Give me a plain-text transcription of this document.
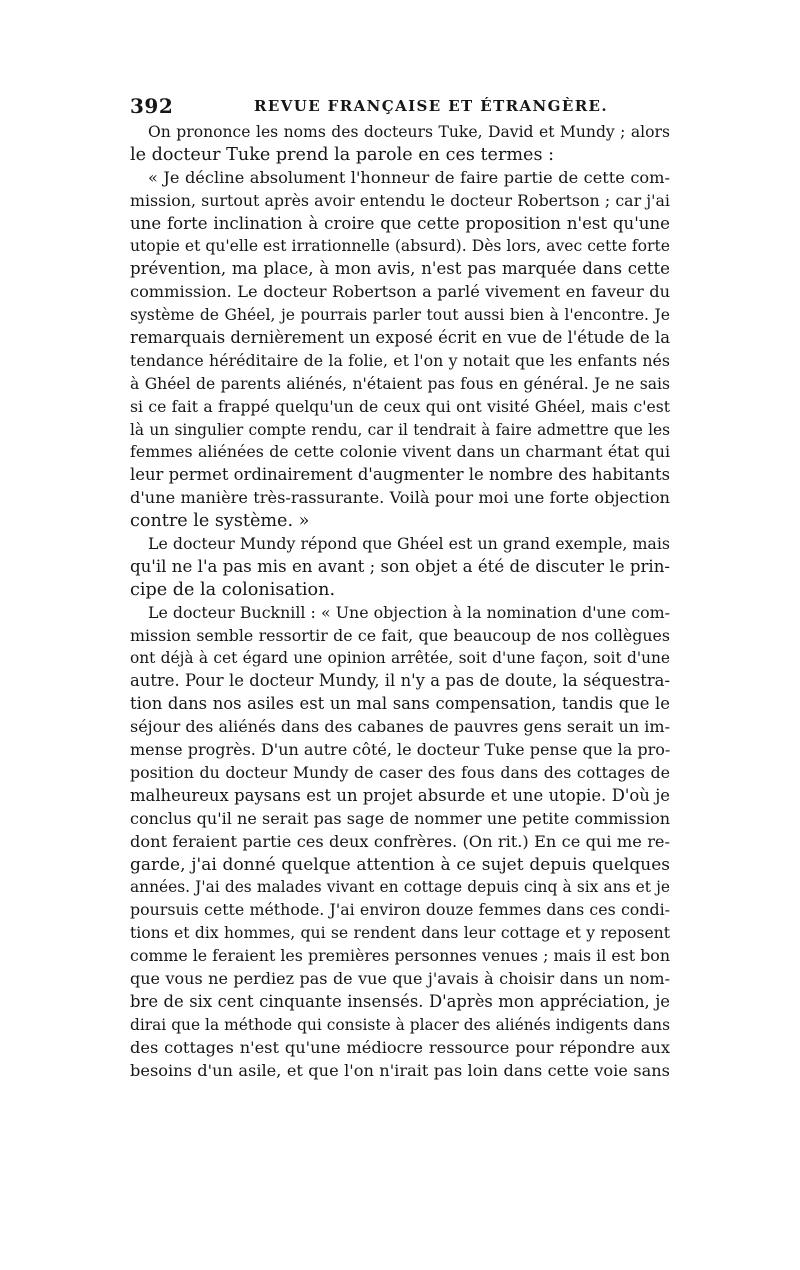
392	REVUE FRANÇAISE ET ÉTRANGÈRE.
On prononce les noms des docteurs Tuke, David et Mundy ; alors
le docteur Tuke prend la parole en ces termes :
« Je décline absolument l'honneur de faire partie de cette com-
mission, surtout après avoir entendu le docteur Robertson ; car j'ai
une forte inclination à croire que cette proposition n'est qu'une
utopie et qu'elle est irrationnelle (absurd). Dès lors, avec cette forte
prévention, ma place, à mon avis, n'est pas marquée dans cette
commission. Le docteur Robertson a parlé vivement en faveur du
système de Ghéel, je pourrais parler tout aussi bien à l'encontre. Je
remarquais dernièrement un exposé écrit en vue de l'étude de la
tendance héréditaire de la folie, et l'on y notait que les enfants nés
à Ghéel de parents aliénés, n'étaient pas fous en général. Je ne sais
si ce fait a frappé quelqu'un de ceux qui ont visité Ghéel, mais c'est
là un singulier compte rendu, car il tendrait à faire admettre que les
femmes aliénées de cette colonie vivent dans un charmant état qui
leur permet ordinairement d'augmenter le nombre des habitants
d'une manière très-rassurante. Voilà pour moi une forte objection
contre le système. »
Le docteur Mundy répond que Ghéel est un grand exemple, mais
qu'il ne l'a pas mis en avant ; son objet a été de discuter le prin-
cipe de la colonisation.
Le docteur Bucknill : « Une objection à la nomination d'une com-
mission semble ressortir de ce fait, que beaucoup de nos collègues
ont déjà à cet égard une opinion arrêtée, soit d'une façon, soit d'une
autre. Pour le docteur Mundy, il n'y a pas de doute, la séquestra-
tion dans nos asiles est un mal sans compensation, tandis que le
séjour des aliénés dans des cabanes de pauvres gens serait un im-
mense progrès. D'un autre côté, le docteur Tuke pense que la pro-
position du docteur Mundy de caser des fous dans des cottages de
malheureux paysans est un projet absurde et une utopie. D'où je
conclus qu'il ne serait pas sage de nommer une petite commission
dont feraient partie ces deux confrères. (On rit.) En ce qui me re-
garde, j'ai donné quelque attention à ce sujet depuis quelques
années. J'ai des malades vivant en cottage depuis cinq à six ans et je
poursuis cette méthode. J'ai environ douze femmes dans ces condi-
tions et dix hommes, qui se rendent dans leur cottage et y reposent
comme le feraient les premières personnes venues ; mais il est bon
que vous ne perdiez pas de vue que j'avais à choisir dans un nom-
bre de six cent cinquante insensés. D'après mon appréciation, je
dirai que la méthode qui consiste à placer des aliénés indigents dans
des cottages n'est qu'une médiocre ressource pour répondre aux
besoins d'un asile, et que l'on n'irait pas loin dans cette voie sans
